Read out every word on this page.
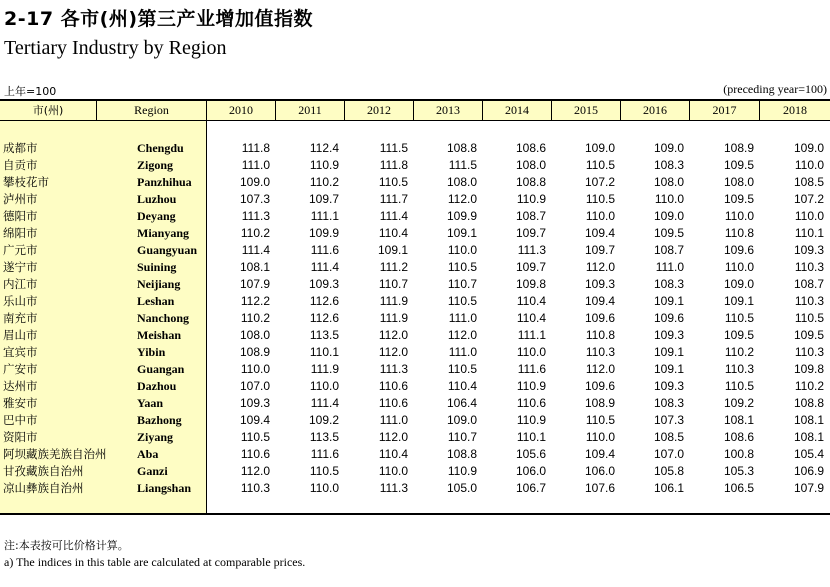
2-17 各市(州)第三产业增加值指数
Tertiary Industry by Region
上年=100	(preceding year=100)
市(州)	Region	2010	2011	2012	2013	2014	2015	2016	2017	2018
成都市	Chengdu	111.8	112.4	111.5	108.8	108.6	109.0	109.0	108.9	109.0
自贡市	Zigong	111.0	110.9	111.8	111.5	108.0	110.5	108.3	109.5	110.0
攀枝花市	Panzhihua	109.0	110.2	110.5	108.0	108.8	107.2	108.0	108.0	108.5
泸州市	Luzhou	107.3	109.7	111.7	112.0	110.9	110.5	110.0	109.5	107.2
德阳市	Deyang	111.3	111.1	111.4	109.9	108.7	110.0	109.0	110.0	110.0
绵阳市	Mianyang	110.2	109.9	110.4	109.1	109.7	109.4	109.5	110.8	110.1
广元市	Guangyuan	111.4	111.6	109.1	110.0	111.3	109.7	108.7	109.6	109.3
遂宁市	Suining	108.1	111.4	111.2	110.5	109.7	112.0	111.0	110.0	110.3
内江市	Neijiang	107.9	109.3	110.7	110.7	109.8	109.3	108.3	109.0	108.7
乐山市	Leshan	112.2	112.6	111.9	110.5	110.4	109.4	109.1	109.1	110.3
南充市	Nanchong	110.2	112.6	111.9	111.0	110.4	109.6	109.6	110.5	110.5
眉山市	Meishan	108.0	113.5	112.0	112.0	111.1	110.8	109.3	109.5	109.5
宜宾市	Yibin	108.9	110.1	112.0	111.0	110.0	110.3	109.1	110.2	110.3
广安市	Guangan	110.0	111.9	111.3	110.5	111.6	112.0	109.1	110.3	109.8
达州市	Dazhou	107.0	110.0	110.6	110.4	110.9	109.6	109.3	110.5	110.2
雅安市	Yaan	109.3	111.4	110.6	106.4	110.6	108.9	108.3	109.2	108.8
巴中市	Bazhong	109.4	109.2	111.0	109.0	110.9	110.5	107.3	108.1	108.1
资阳市	Ziyang	110.5	113.5	112.0	110.7	110.1	110.0	108.5	108.6	108.1
阿坝藏族羌族自治州	Aba	110.6	111.6	110.4	108.8	105.6	109.4	107.0	100.8	105.4
甘孜藏族自治州	Ganzi	112.0	110.5	110.0	110.9	106.0	106.0	105.8	105.3	106.9
凉山彝族自治州	Liangshan	110.3	110.0	111.3	105.0	106.7	107.6	106.1	106.5	107.9
注:本表按可比价格计算。
a) The indices in this table are calculated at comparable prices.
